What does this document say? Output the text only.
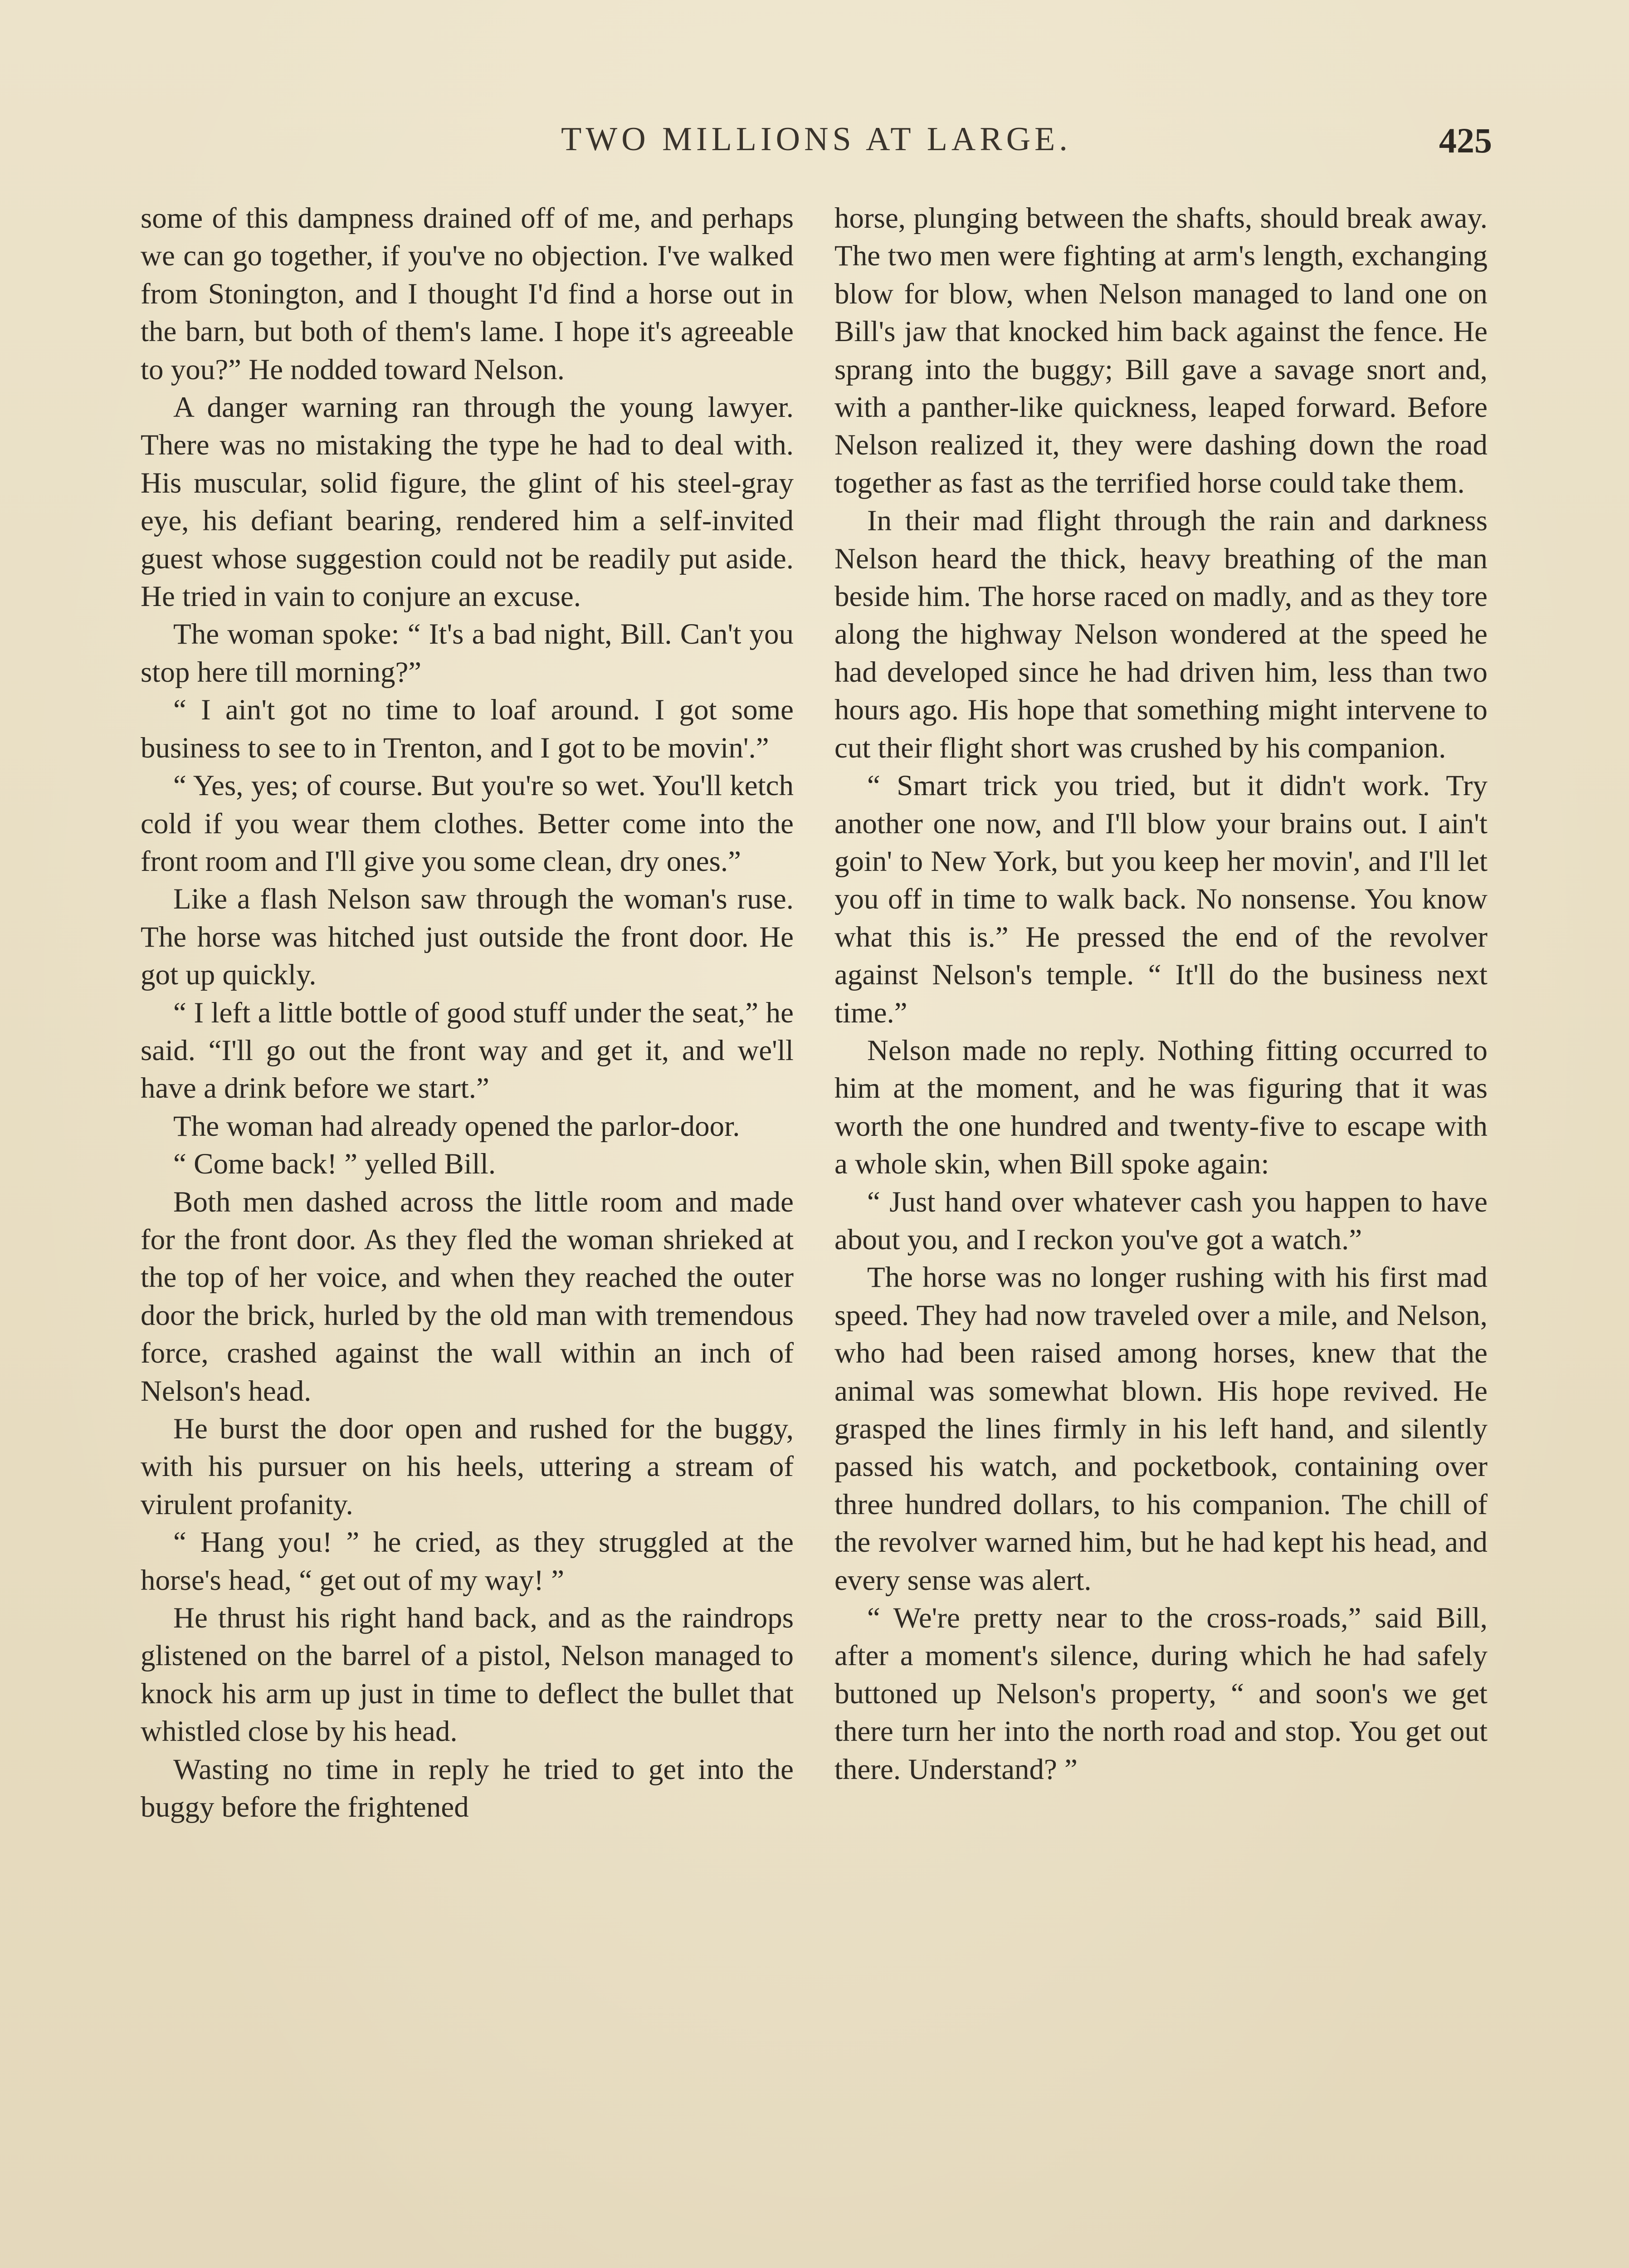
TWO MILLIONS AT LARGE.	425

some of this dampness drained off of me, and perhaps we can go together, if you've no objection. I've walked from Stonington, and I thought I'd find a horse out in the barn, but both of them's lame. I hope it's agreeable to you?” He nodded toward Nelson.

A danger warning ran through the young lawyer. There was no mistaking the type he had to deal with. His muscular, solid figure, the glint of his steel-gray eye, his defiant bearing, rendered him a self-invited guest whose suggestion could not be readily put aside. He tried in vain to conjure an excuse.

The woman spoke: “ It's a bad night, Bill. Can't you stop here till morning?”

“ I ain't got no time to loaf around. I got some business to see to in Trenton, and I got to be movin'.”

“ Yes, yes; of course. But you're so wet. You'll ketch cold if you wear them clothes. Better come into the front room and I'll give you some clean, dry ones.”

Like a flash Nelson saw through the woman's ruse. The horse was hitched just outside the front door. He got up quickly.

“ I left a little bottle of good stuff under the seat,” he said. “I'll go out the front way and get it, and we'll have a drink before we start.”

The woman had already opened the parlor-door.

“ Come back! ” yelled Bill.

Both men dashed across the little room and made for the front door. As they fled the woman shrieked at the top of her voice, and when they reached the outer door the brick, hurled by the old man with tremendous force, crashed against the wall within an inch of Nelson's head.

He burst the door open and rushed for the buggy, with his pursuer on his heels, uttering a stream of virulent profanity.

“ Hang you! ” he cried, as they struggled at the horse's head, “ get out of my way! ”

He thrust his right hand back, and as the raindrops glistened on the barrel of a pistol, Nelson managed to knock his arm up just in time to deflect the bullet that whistled close by his head.

Wasting no time in reply he tried to get into the buggy before the frightened

horse, plunging between the shafts, should break away. The two men were fighting at arm's length, exchanging blow for blow, when Nelson managed to land one on Bill's jaw that knocked him back against the fence. He sprang into the buggy; Bill gave a savage snort and, with a panther-like quickness, leaped forward. Before Nelson realized it, they were dashing down the road together as fast as the terrified horse could take them.

In their mad flight through the rain and darkness Nelson heard the thick, heavy breathing of the man beside him. The horse raced on madly, and as they tore along the highway Nelson wondered at the speed he had developed since he had driven him, less than two hours ago. His hope that something might intervene to cut their flight short was crushed by his companion.

“ Smart trick you tried, but it didn't work. Try another one now, and I'll blow your brains out. I ain't goin' to New York, but you keep her movin', and I'll let you off in time to walk back. No nonsense. You know what this is.” He pressed the end of the revolver against Nelson's temple. “ It'll do the business next time.”

Nelson made no reply. Nothing fitting occurred to him at the moment, and he was figuring that it was worth the one hundred and twenty-five to escape with a whole skin, when Bill spoke again:

“ Just hand over whatever cash you happen to have about you, and I reckon you've got a watch.”

The horse was no longer rushing with his first mad speed. They had now traveled over a mile, and Nelson, who had been raised among horses, knew that the animal was somewhat blown. His hope revived. He grasped the lines firmly in his left hand, and silently passed his watch, and pocketbook, containing over three hundred dollars, to his companion. The chill of the revolver warned him, but he had kept his head, and every sense was alert.

“ We're pretty near to the cross-roads,” said Bill, after a moment's silence, during which he had safely buttoned up Nelson's property, “ and soon's we get there turn her into the north road and stop. You get out there. Understand? ”
